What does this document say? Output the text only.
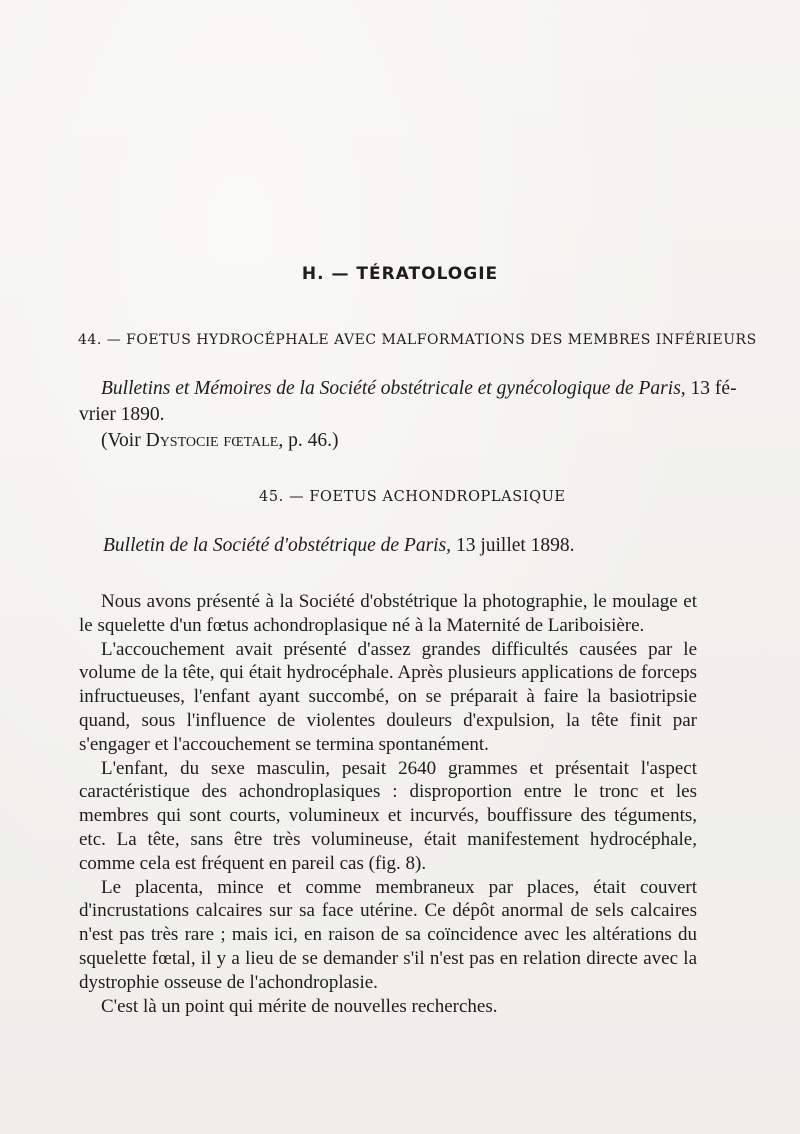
H. — TÉRATOLOGIE
44. — FOETUS HYDROCÉPHALE AVEC MALFORMATIONS DES MEMBRES INFÉRIEURS
Bulletins et Mémoires de la Société obstétricale et gynécologique de Paris, 13 fé-
vrier 1890.
(Voir Dystocie fœtale, p. 46.)
45. — FOETUS ACHONDROPLASIQUE
Bulletin de la Société d'obstétrique de Paris, 13 juillet 1898.

Nous avons présenté à la Société d'obstétrique la photographie, le moulage et le squelette d'un fœtus achondroplasique né à la Maternité de Lariboisière.

L'accouchement avait présenté d'assez grandes difficultés causées par le volume de la tête, qui était hydrocéphale. Après plusieurs applications de forceps infructueuses, l'enfant ayant succombé, on se préparait à faire la basiotripsie quand, sous l'influence de violentes douleurs d'expulsion, la tête finit par s'engager et l'accouchement se termina spontanément.

L'enfant, du sexe masculin, pesait 2640 grammes et présentait l'aspect caractéristique des achondroplasiques : disproportion entre le tronc et les membres qui sont courts, volumineux et incurvés, bouffissure des téguments, etc. La tête, sans être très volumineuse, était manifestement hydrocéphale, comme cela est fréquent en pareil cas (fig. 8).

Le placenta, mince et comme membraneux par places, était couvert d'incrustations calcaires sur sa face utérine. Ce dépôt anormal de sels calcaires n'est pas très rare ; mais ici, en raison de sa coïncidence avec les altérations du squelette fœtal, il y a lieu de se demander s'il n'est pas en relation directe avec la dystrophie osseuse de l'achondroplasie.

C'est là un point qui mérite de nouvelles recherches.
